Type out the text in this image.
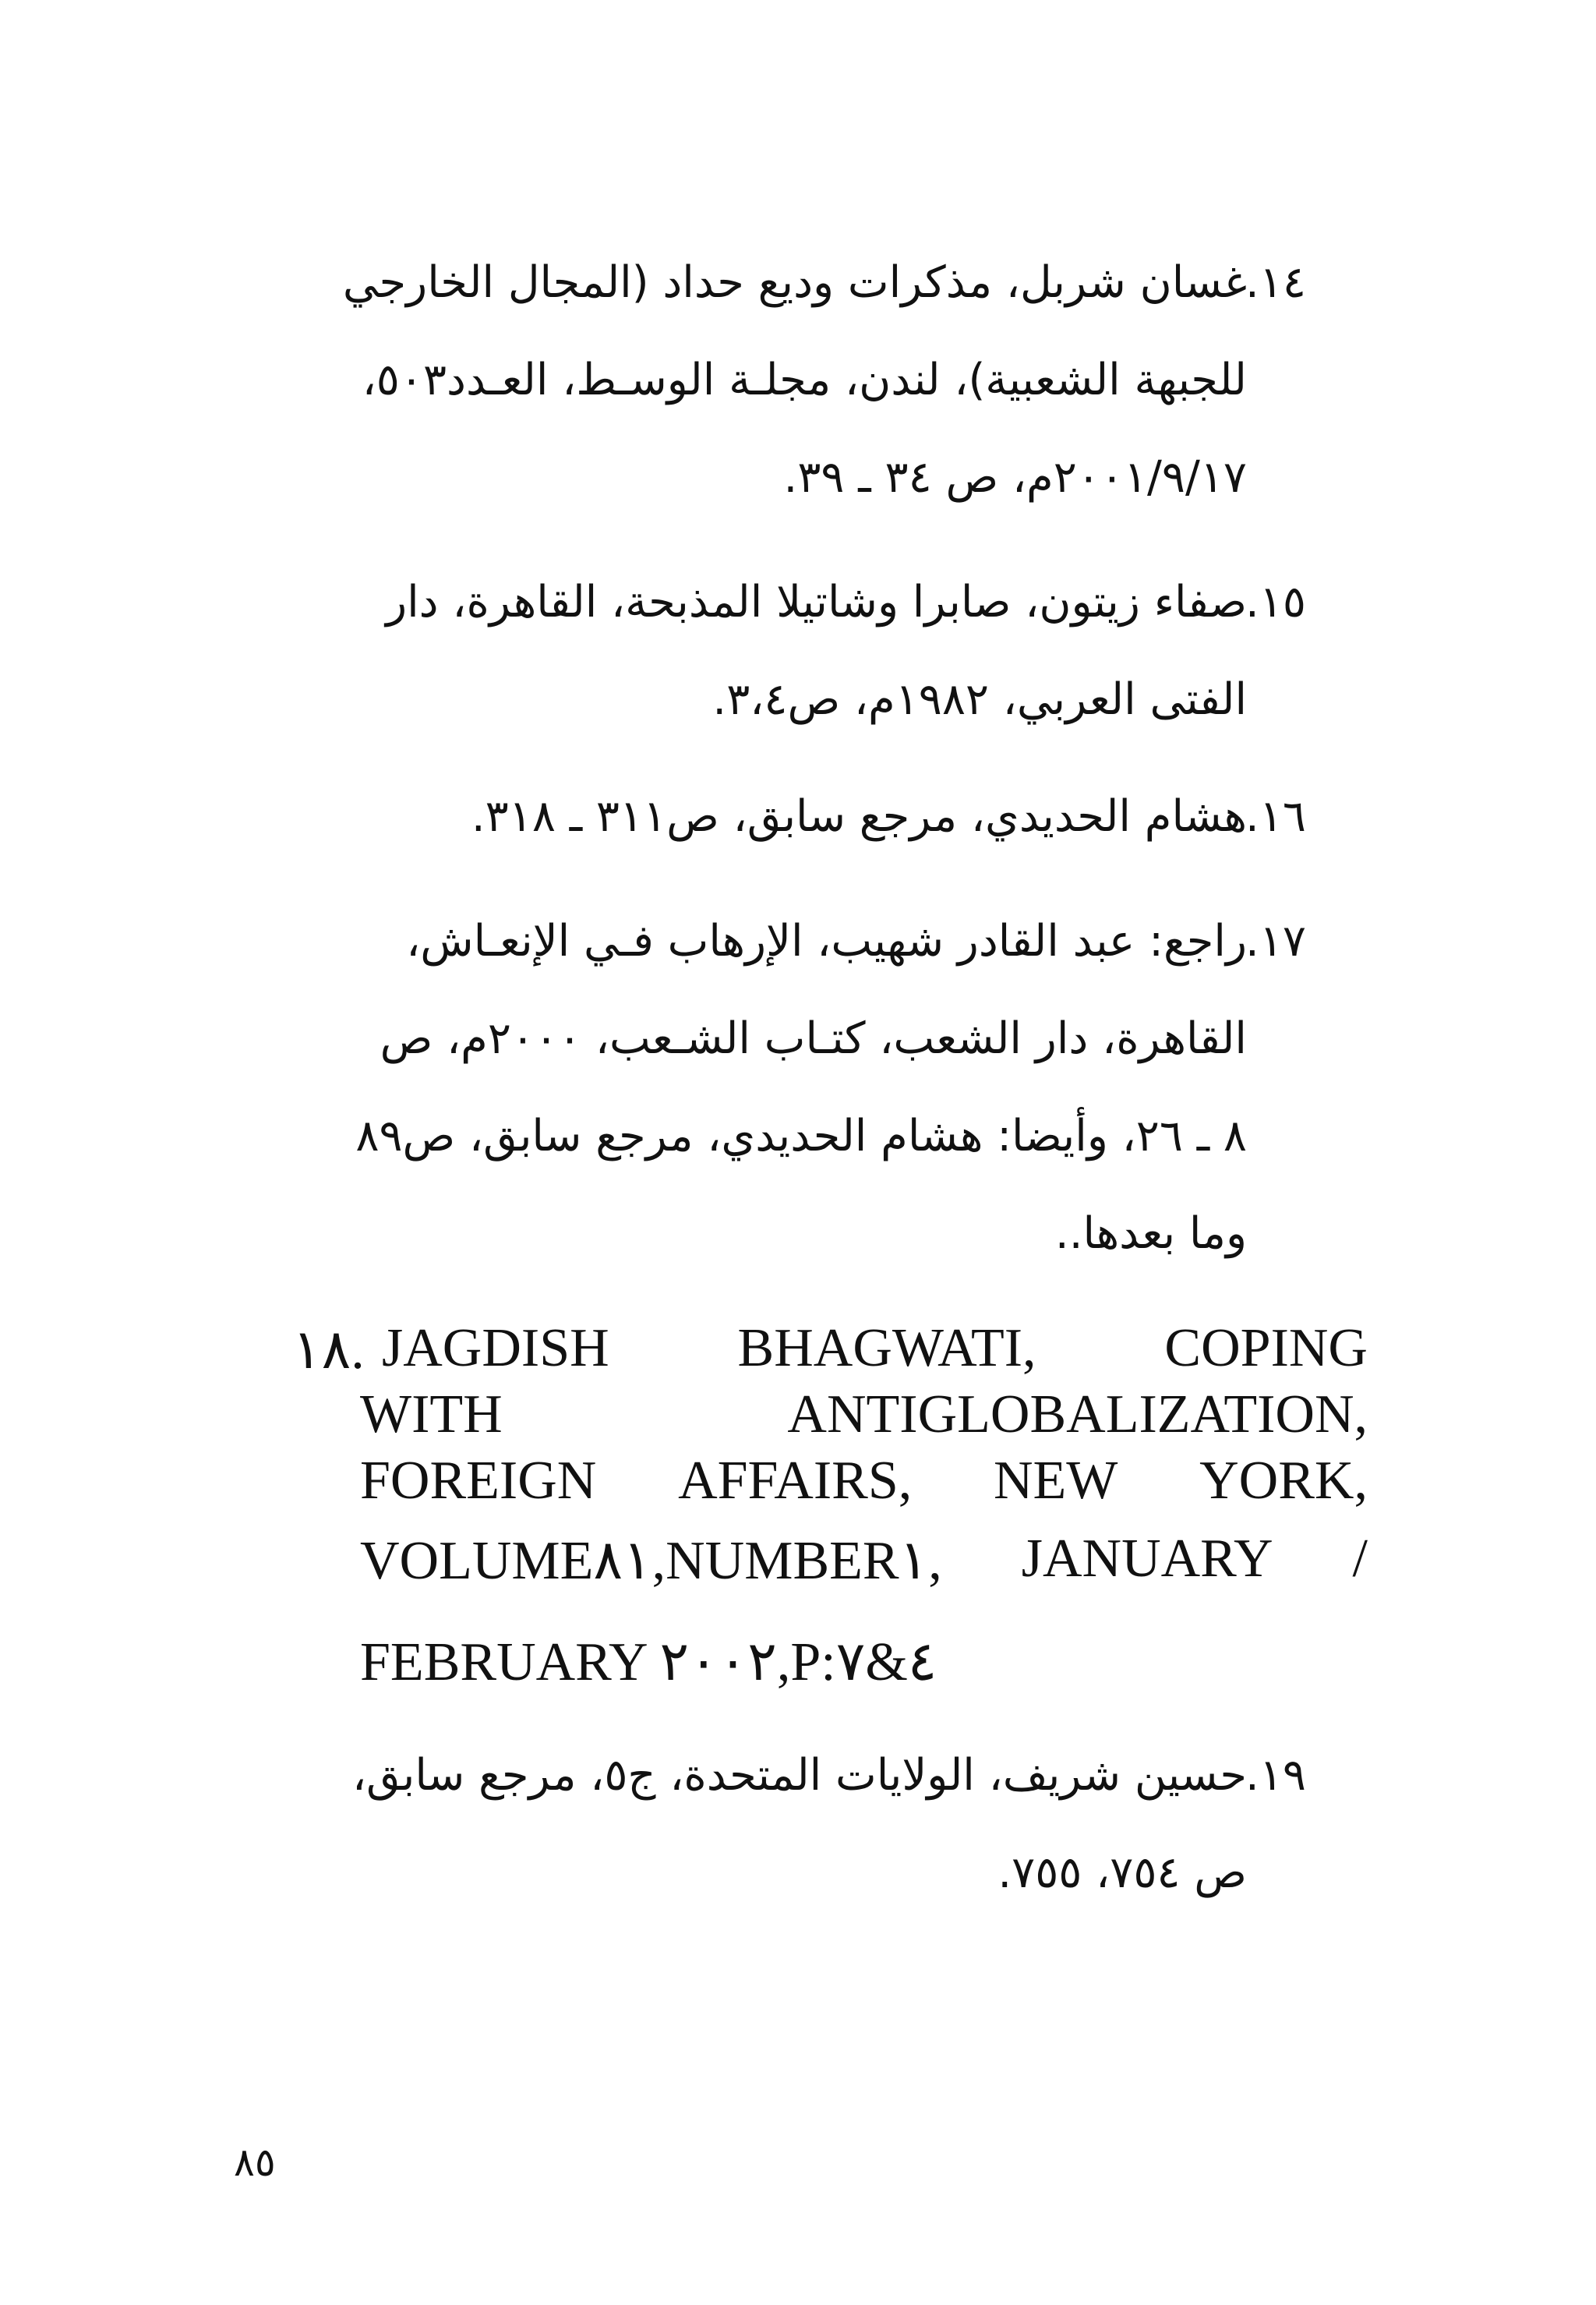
١٤.
غسان شربل، مذكرات وديع حداد (المجال الخارجي
للجبهة الشعبية)، لندن، مجلـة الوسـط، العـدد٥٠٣،
٢٠٠١/٩/١٧م، ص ٣٤ ـ ٣٩.
١٥.
صفاء زيتون، صابرا وشاتيلا المذبحة، القاهرة، دار
الفتى العربي، ١٩٨٢م، ص٣،٤.
١٦.
هشام الحديدي، مرجع سابق، ص٣١١ ـ ٣١٨.
١٧.
راجع: عبد القادر شهيب، الإرهاب فـي الإنعـاش،
القاهرة، دار الشعب، كتـاب الشـعب، ٢٠٠٠م، ص
٨ ـ ٢٦، وأيضا: هشام الحديدي، مرجع سابق، ص٨٩
وما بعدها..
١٨. JAGDISH BHAGWATI, COPING
WITH	ANTIGLOBALIZATION,
FOREIGN AFFAIRS, NEW YORK,
VOLUME٨١,NUMBER١, JANUARY /
FEBRUARY ٢٠٠٢,P:٤&٧
١٩.
حسين شريف، الولايات المتحدة، ج٥، مرجع سابق،
ص ٧٥٤، ٧٥٥.
٨٥
